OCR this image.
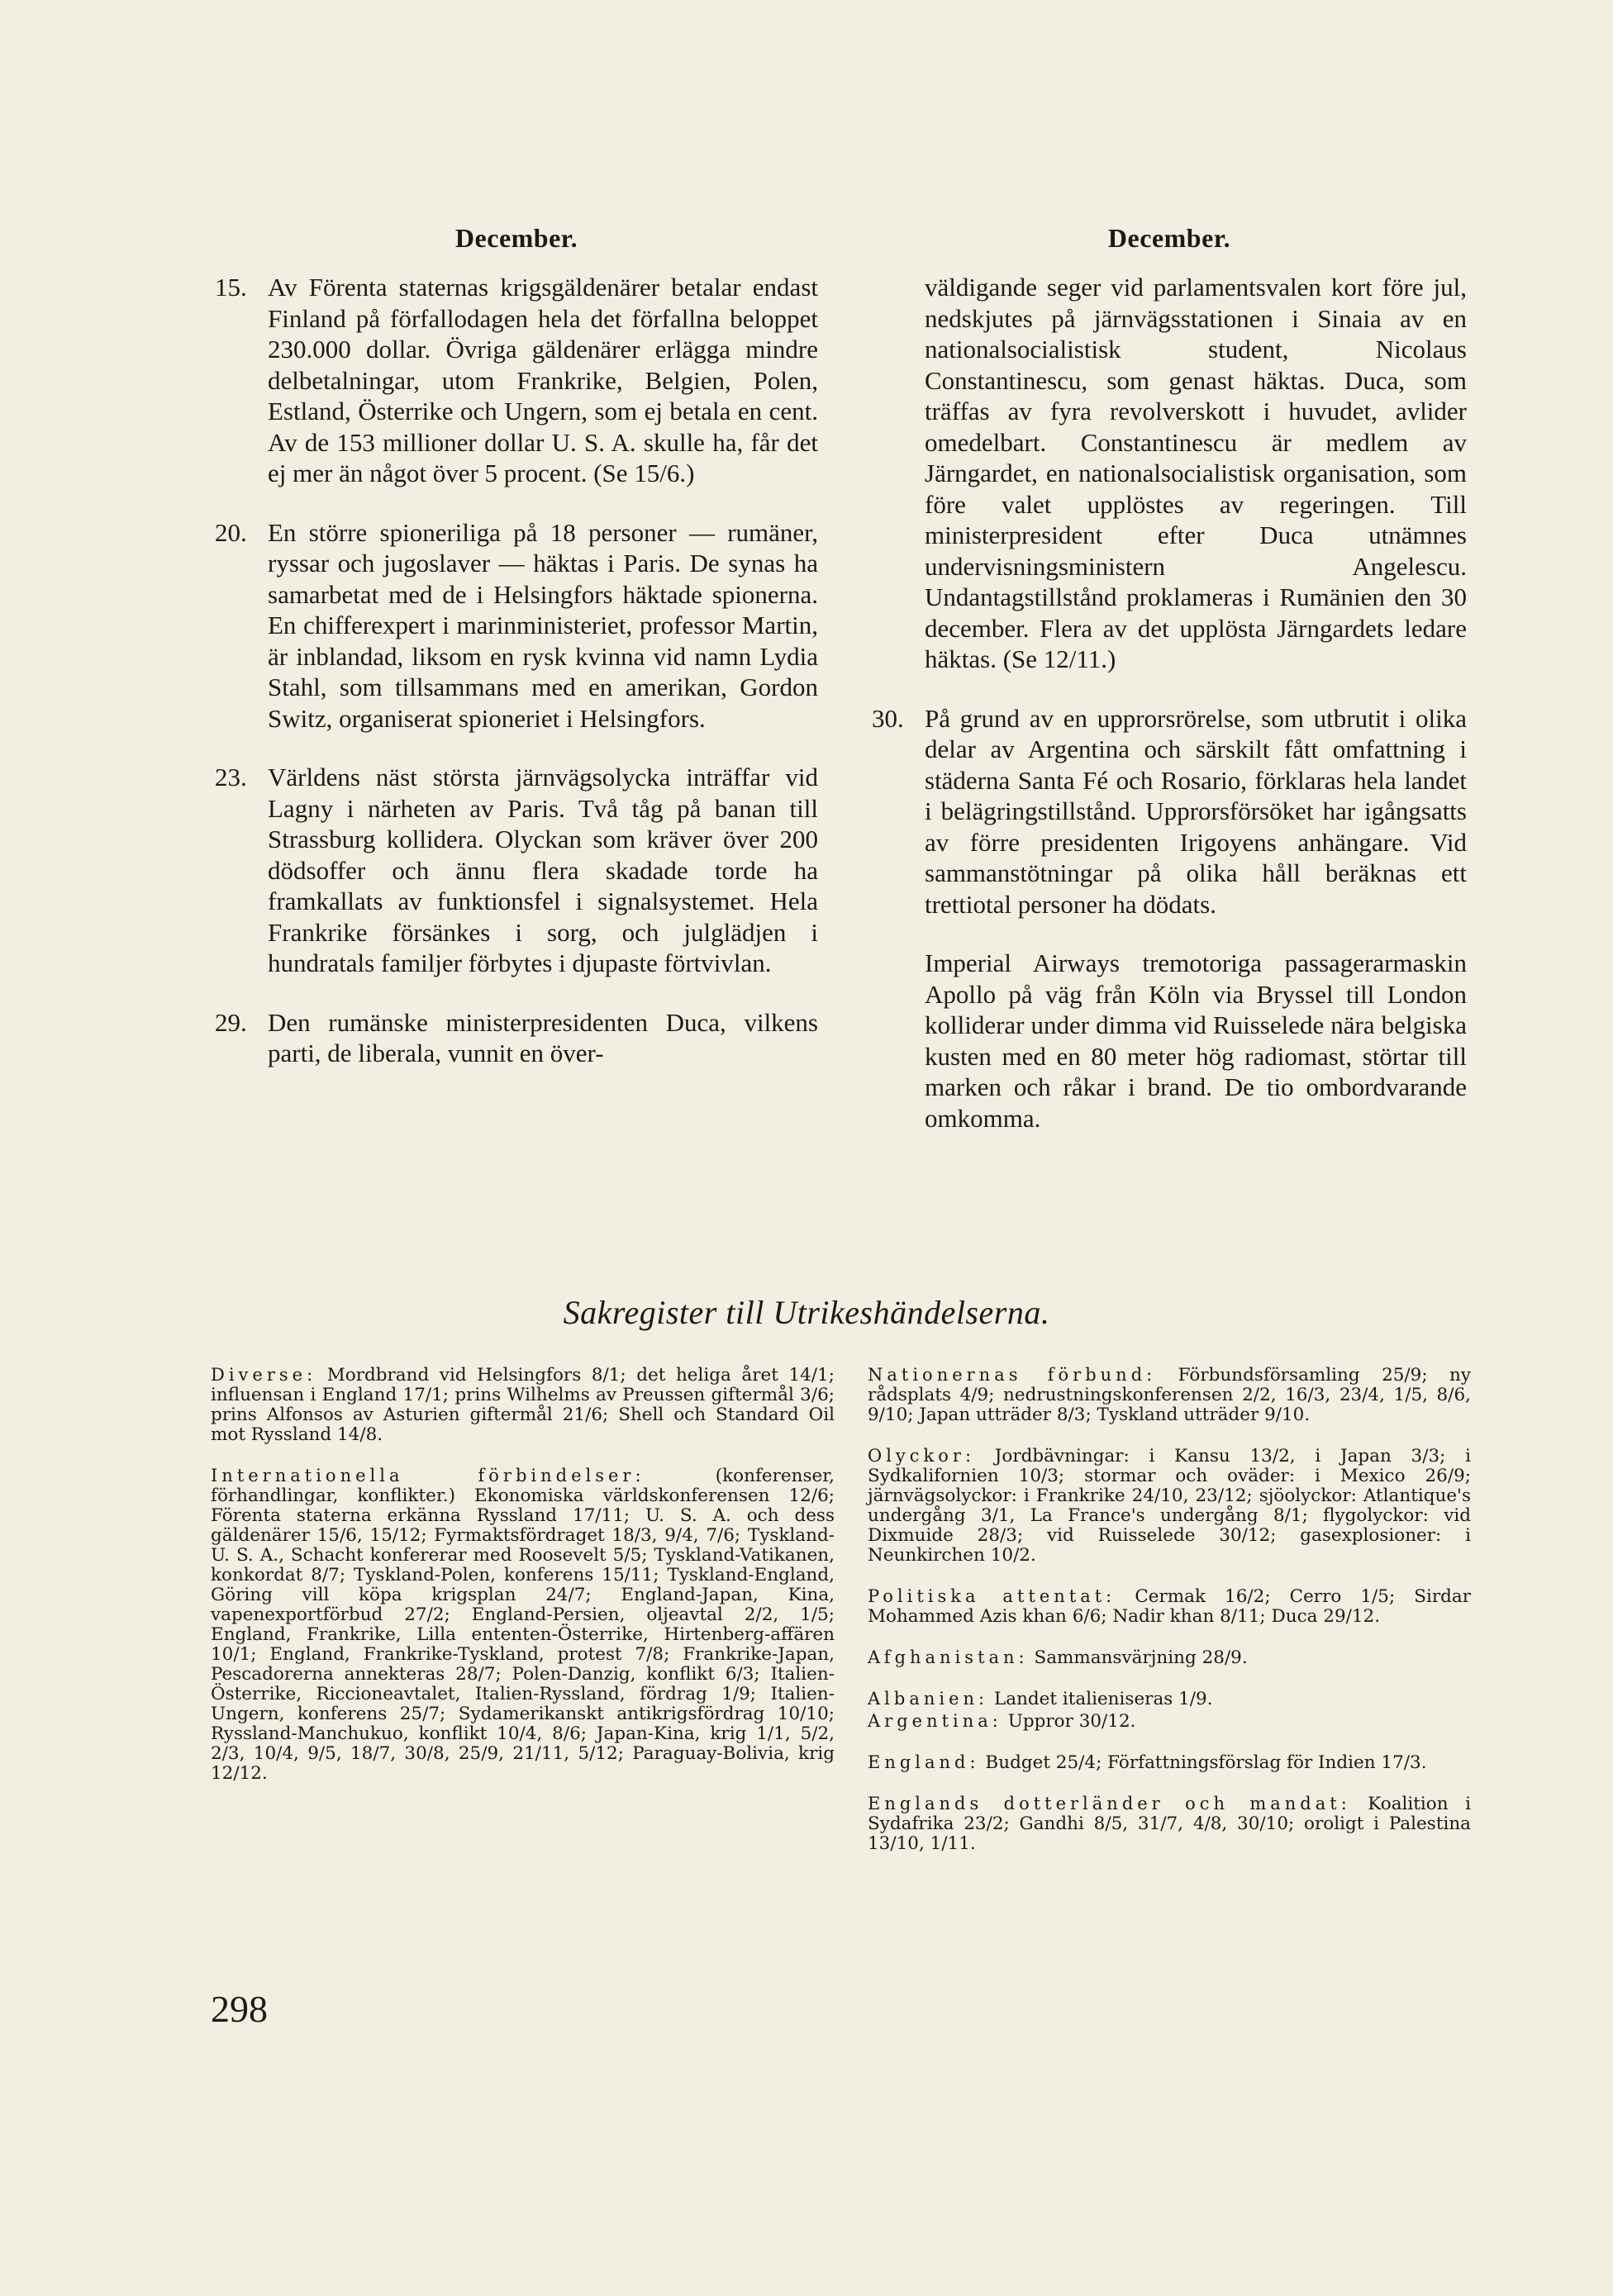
December.
15. Av Förenta staternas krigsgäldenärer betalar endast Finland på förfallodagen hela det förfallna beloppet 230.000 dollar. Övriga gäldenärer erlägga mindre delbetalningar, utom Frankrike, Belgien, Polen, Estland, Österrike och Ungern, som ej betala en cent. Av de 153 millioner dollar U. S. A. skulle ha, får det ej mer än något över 5 procent. (Se 15/6.)
20. En större spioneriliga på 18 personer — rumäner, ryssar och jugoslaver — häktas i Paris. De synas ha samarbetat med de i Helsingfors häktade spionerna. En chifferexpert i marinministeriet, professor Martin, är inblandad, liksom en rysk kvinna vid namn Lydia Stahl, som tillsammans med en amerikan, Gordon Switz, organiserat spioneriet i Helsingfors.
23. Världens näst största järnvägsolycka inträffar vid Lagny i närheten av Paris. Två tåg på banan till Strassburg kolliderа. Olyckan som kräver över 200 dödsoffer och ännu flera skadade torde ha framkallats av funktionsfel i signalsystemet. Hela Frankrike försänkes i sorg, och julglädjen i hundratals familjer förbytes i djupaste förtvivlan.
29. Den rumänske ministerpresidenten Duca, vilkens parti, de liberala, vunnit en över-
December.
väldigande seger vid parlamentsvalen kort före jul, nedskjutes på järnvägsstationen i Sinaia av en nationalsocialistisk student, Nicolaus Constantinescu, som genast häktas. Duca, som träffas av fyra revolverskott i huvudet, avlider omedelbart. Constantinescu är medlem av Järngardet, en nationalsocialistisk organisation, som före valet upplöstes av regeringen. Till ministerpresident efter Duca utnämnes undervisningsministern Angelescu. Undantagstillstånd proklameras i Rumänien den 30 december. Flera av det upplösta Järngardets ledare häktas. (Se 12/11.)
30. På grund av en upprorsrörelse, som utbrutit i olika delar av Argentina och särskilt fått omfattning i städerna Santa Fé och Rosario, förklaras hela landet i belägringstillstånd. Upprorsförsöket har igångsatts av förre presidenten Irigoyens anhängare. Vid sammanstötningar på olika håll beräknas ett trettiotal personer ha dödats.
Imperial Airways tremotoriga passagerarmaskin Apollo på väg från Köln via Bryssel till London kolliderar under dimma vid Ruisselede nära belgiska kusten med en 80 meter hög radiomast, störtar till marken och råkar i brand. De tio ombordvarande omkomma.
Sakregister till Utrikeshändelserna.

Diverse: Mordbrand vid Helsingfors 8/1; det heliga året 14/1; influensan i England 17/1; prins Wilhelms av Preussen giftermål 3/6; prins Alfonsos av Asturien giftermål 21/6; Shell och Standard Oil mot Ryssland 14/8.

Internationella förbindelser:	(konferenser, förhandlingar, konflikter.) Ekonomiska världskonferensen 12/6; Förenta staterna erkänna Ryssland 17/11; U. S. A. och dess gäldenärer 15/6, 15/12; Fyrmaktsfördraget 18/3, 9/4, 7/6; Tyskland-U. S. A., Schacht konfererar med Roosevelt 5/5; Tyskland-Vatikanen, konkordat 8/7; Tyskland-Polen, konferens 15/11; Tyskland-England, Göring vill köpa krigsplan 24/7; England-Japan, Kina, vapenexportförbud 27/2; England-Persien, oljeavtal 2/2, 1/5; England, Frankrike, Lilla ententen-Österrike, Hirtenberg-affären 10/1; England, Frankrike-Tyskland, protest 7/8; Frankrike-Japan, Pescadorerna annekteras 28/7; Polen-Danzig, konflikt 6/3; Italien-Österrike, Riccioneavtalet, Italien-Ryssland, fördrag 1/9; Italien-Ungern, konferens 25/7; Sydamerikanskt antikrigsfördrag 10/10; Ryssland-Manchukuo, konflikt 10/4, 8/6; Japan-Kina, krig 1/1, 5/2, 2/3, 10/4, 9/5, 18/7, 30/8, 25/9, 21/11, 5/12; Paraguay-Bolivia, krig 12/12.

Nationernas förbund: Förbundsförsamling 25/9; ny rådsplats 4/9; nedrustningskonferensen 2/2, 16/3, 23/4, 1/5, 8/6, 9/10; Japan utträder 8/3; Tyskland utträder 9/10.

Olyckor: Jordbävningar: i Kansu 13/2, i Japan 3/3; i Sydkalifornien 10/3; stormar och oväder: i Mexico 26/9; järnvägsolyckor: i Frankrike 24/10, 23/12; sjöolyckor: Atlantique's undergång 3/1, La France's undergång 8/1; flygolyckor: vid Dixmuide 28/3; vid Ruisselede 30/12; gasexplosioner: i Neunkirchen 10/2.

Politiska attentat: Cermak 16/2; Cerro 1/5; Sirdar Mohammed Azis khan 6/6; Nadir khan 8/11; Duca 29/12.

Afghanistan: Sammansvärjning 28/9.

Albanien: Landet italieniseras 1/9.

Argentina: Uppror 30/12.

England: Budget 25/4; Författningsförslag för Indien 17/3.

Englands dotterländer och mandat: Koalition i Sydafrika 23/2; Gandhi 8/5, 31/7, 4/8, 30/10; oroligt i Palestina 13/10, 1/11.

298
